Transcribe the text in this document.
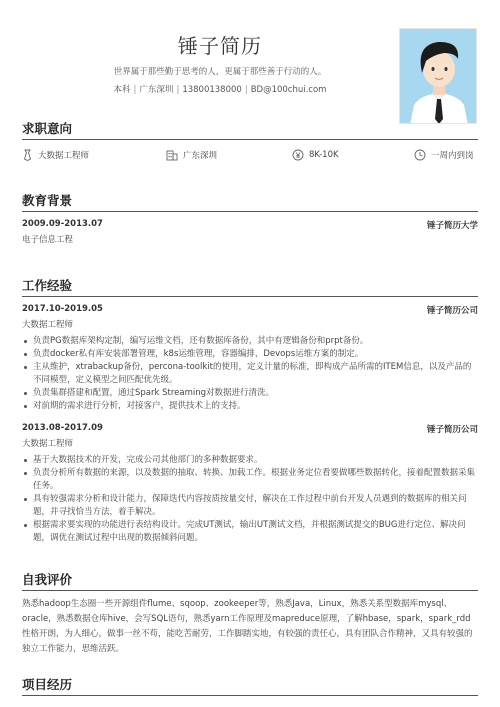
锤子简历
世界属于那些勤于思考的人，更属于那些善于行动的人。
本科 | 广东深圳 | 13800138000 | BD@100chui.com
求职意向
大数据工程师	广东深圳	8K-10K	一周内到岗
教育背景
2009.09-2013.07	锤子简历大学
电子信息工程
工作经验
2017.10-2019.05	锤子简历公司
大数据工程师
负责PG数据库架构定制，编写运维文档，还有数据库备份，其中有逻辑备份和prpt备份。
负责docker私有库安装部署管理，k8s运维管理，容器编排，Devops运维方案的制定。
主从维护，xtrabackup备份，percona-toolkit的使用，定义计量的标准，即构成产品所需的ITEM信息，以及产品的不同模型，定义模型之间匹配优先级。
负责集群搭建和配置，通过Spark Streaming对数据进行清洗。
对前期的需求进行分析，对接客户，提供技术上的支持。
2013.08-2017.09	锤子简历公司
大数据工程师
基于大数据技术的开发，完成公司其他部门的多种数据要求。
负责分析所有数据的来源，以及数据的抽取、转换、加载工作。根据业务定位看要做哪些数据转化，接着配置数据采集任务。
具有较强需求分析和设计能力，保障迭代内容按质按量交付，解决在工作过程中前台开发人员遇到的数据库的相关问题，并寻找恰当方法，着手解决。
根据需求要实现的功能进行表结构设计。完成UT测试，输出UT测试文档，并根据测试提交的BUG进行定位、解决问题，调优在测试过程中出现的数据倾斜问题。
自我评价
熟悉hadoop生态圈一些开源组件flume、sqoop、zookeeper等，熟悉Java，Linux，熟悉关系型数据库mysql、oracle，熟悉数据仓库hive，会写SQL语句，熟悉yarn工作原理及mapreduce原理，了解hbase，spark，spark_rdd性格开朗，为人细心，做事一丝不苟，能吃苦耐劳，工作脚踏实地，有较强的责任心，具有团队合作精神，又具有较强的独立工作能力，思维活跃。
项目经历
